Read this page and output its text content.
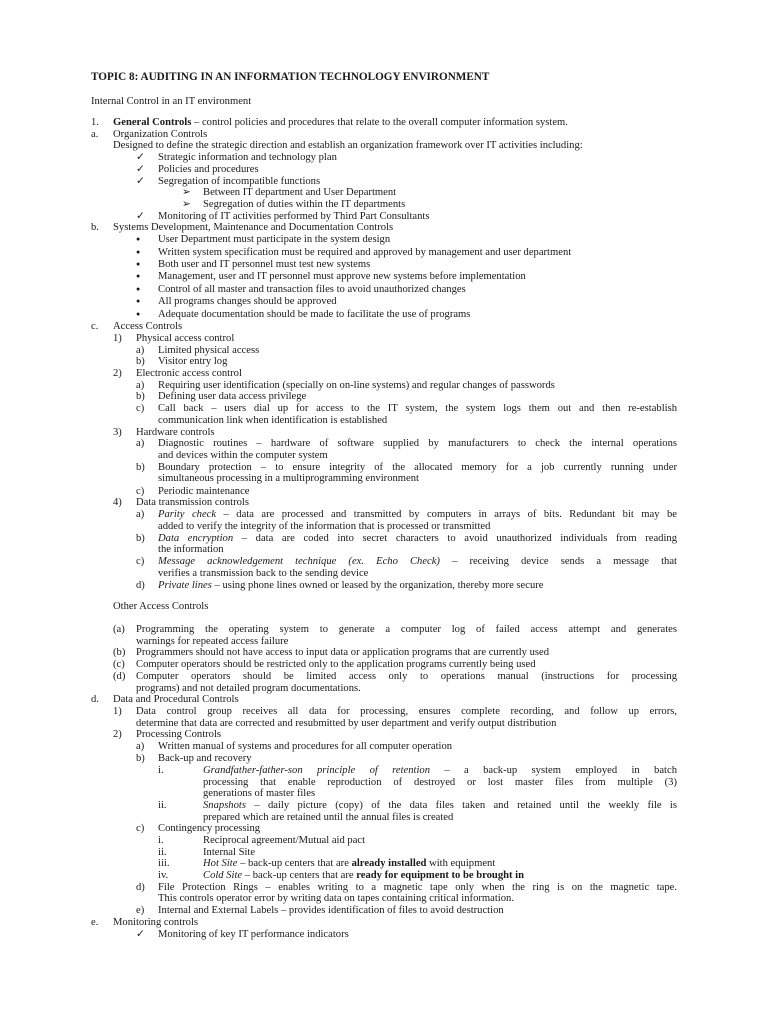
TOPIC 8: AUDITING IN AN INFORMATION TECHNOLOGY ENVIRONMENT
Internal Control in an IT environment
1. General Controls – control policies and procedures that relate to the overall computer information system.
a. Organization Controls
Designed to define the strategic direction and establish an organization framework over IT activities including:
✓ Strategic information and technology plan
✓ Policies and procedures
✓ Segregation of incompatible functions
➢ Between IT department and User Department
➢ Segregation of duties within the IT departments
✓ Monitoring of IT activities performed by Third Part Consultants
b. Systems Development, Maintenance and Documentation Controls
● User Department must participate in the system design
● Written system specification must be required and approved by management and user department
● Both user and IT personnel must test new systems
● Management, user and IT personnel must approve new systems before implementation
● Control of all master and transaction files to avoid unauthorized changes
● All programs changes should be approved
● Adequate documentation should be made to facilitate the use of programs
c. Access Controls
1) Physical access control
a) Limited physical access
b) Visitor entry log
2) Electronic access control
a) Requiring user identification (specially on on-line systems) and regular changes of passwords
b) Defining user data access privilege
c) Call back – users dial up for access to the IT system, the system logs them out and then re-establish
communication link when identification is established
3) Hardware controls
a) Diagnostic routines – hardware of software supplied by manufacturers to check the internal operations
and devices within the computer system
b) Boundary protection – to ensure integrity of the allocated memory for a job currently running under
simultaneous processing in a multiprogramming environment
c) Periodic maintenance
4) Data transmission controls
a) Parity check – data are processed and transmitted by computers in arrays of bits. Redundant bit may be
added to verify the integrity of the information that is processed or transmitted
b) Data encryption – data are coded into secret characters to avoid unauthorized individuals from reading
the information
c) Message acknowledgement technique (ex. Echo Check) – receiving device sends a message that
verifies a transmission back to the sending device
d) Private lines – using phone lines owned or leased by the organization, thereby more secure
Other Access Controls
(a) Programming the operating system to generate a computer log of failed access attempt and generates
warnings for repeated access failure
(b) Programmers should not have access to input data or application programs that are currently used
(c) Computer operators should be restricted only to the application programs currently being used
(d) Computer operators should be limited access only to operations manual (instructions for processing
programs) and not detailed program documentations.
d. Data and Procedural Controls
1) Data control group receives all data for processing, ensures complete recording, and follow up errors,
determine that data are corrected and resubmitted by user department and verify output distribution
2) Processing Controls
a) Written manual of systems and procedures for all computer operation
b) Back-up and recovery
i.	Grandfather-father-son principle of retention – a back-up system employed in batch
processing that enable reproduction of destroyed or lost master files from multiple (3)
generations of master files
ii.	Snapshots – daily picture (copy) of the data files taken and retained until the weekly file is
prepared which are retained until the annual files is created
c) Contingency processing
i.	Reciprocal agreement/Mutual aid pact
ii.	Internal Site
iii.	Hot Site – back-up centers that are already installed with equipment
iv.	Cold Site – back-up centers that are ready for equipment to be brought in
d) File Protection Rings – enables writing to a magnetic tape only when the ring is on the magnetic tape.
This controls operator error by writing data on tapes containing critical information.
e) Internal and External Labels – provides identification of files to avoid destruction
e. Monitoring controls
✓ Monitoring of key IT performance indicators
